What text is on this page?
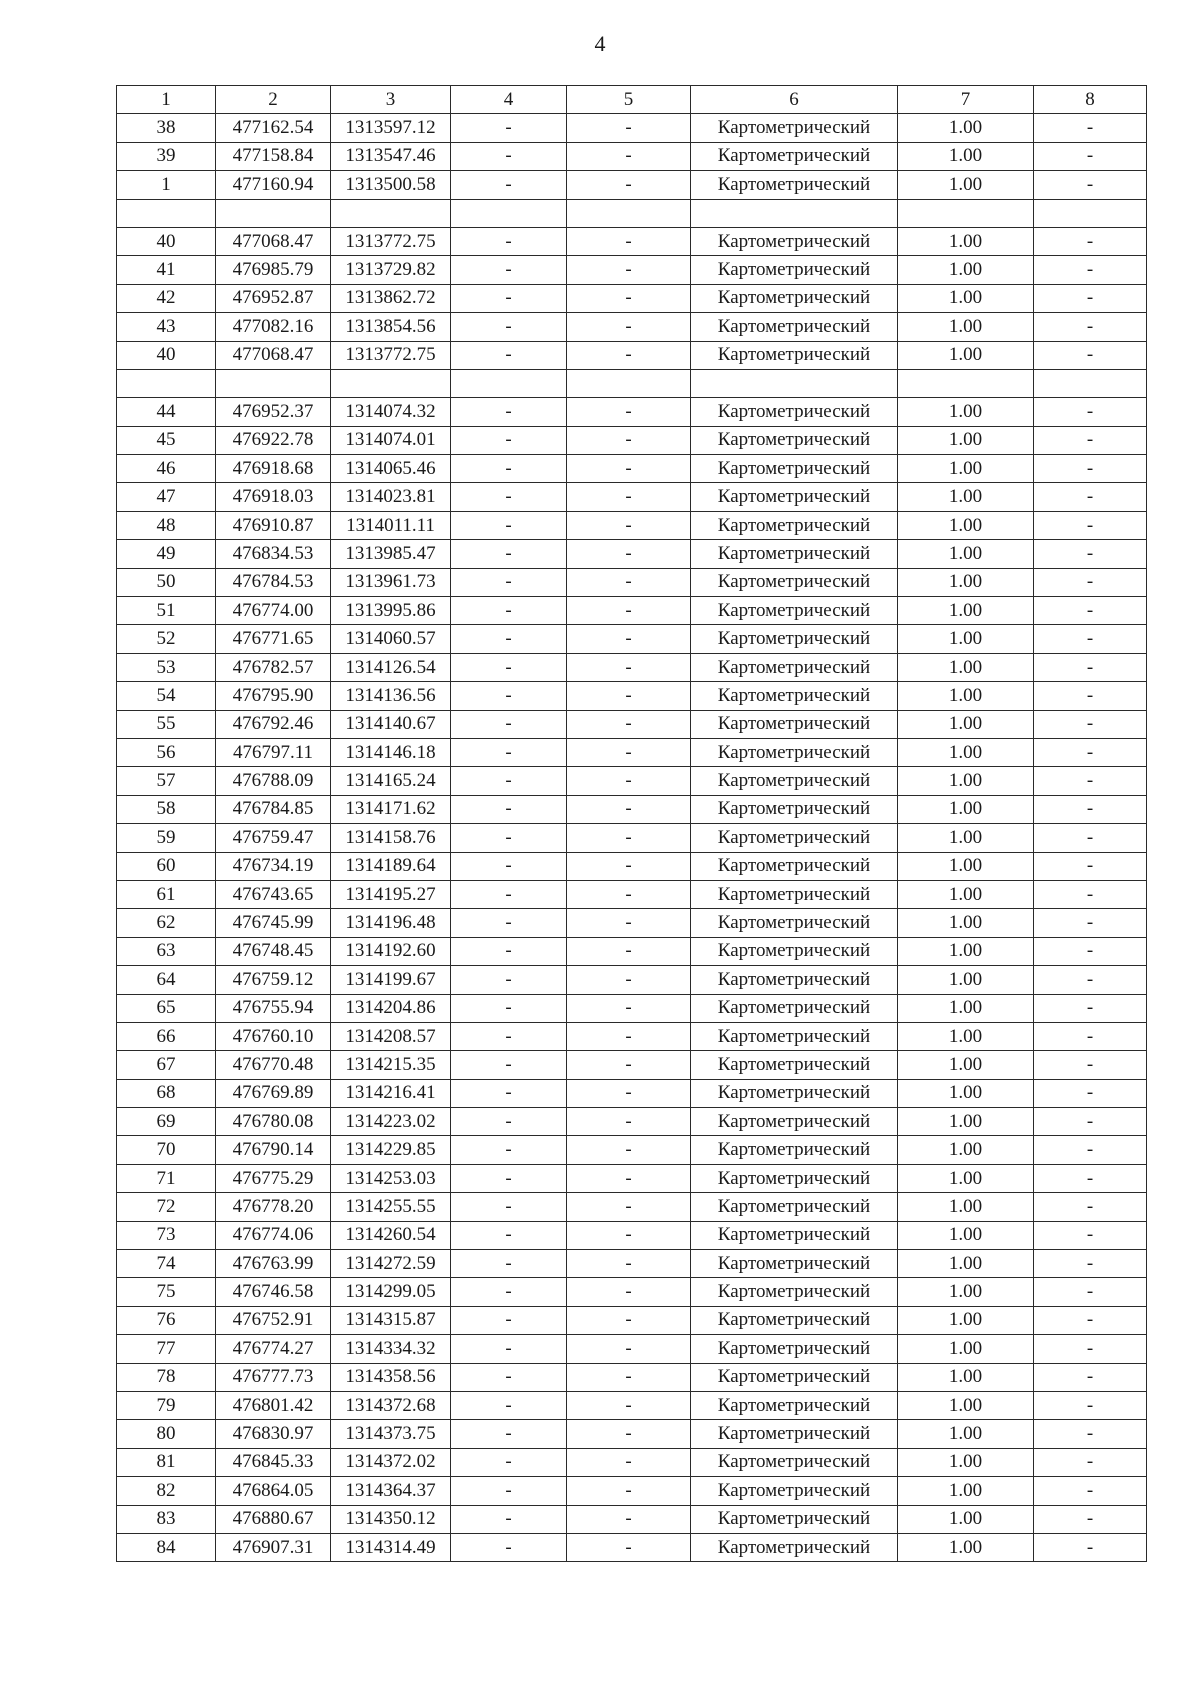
4
1	2	3	4	5	6	7	8
38	477162.54	1313597.12	-	-	Картометрический	1.00	-
39	477158.84	1313547.46	-	-	Картометрический	1.00	-
1	477160.94	1313500.58	-	-	Картометрический	1.00	-

40	477068.47	1313772.75	-	-	Картометрический	1.00	-
41	476985.79	1313729.82	-	-	Картометрический	1.00	-
42	476952.87	1313862.72	-	-	Картометрический	1.00	-
43	477082.16	1313854.56	-	-	Картометрический	1.00	-
40	477068.47	1313772.75	-	-	Картометрический	1.00	-

44	476952.37	1314074.32	-	-	Картометрический	1.00	-
45	476922.78	1314074.01	-	-	Картометрический	1.00	-
46	476918.68	1314065.46	-	-	Картометрический	1.00	-
47	476918.03	1314023.81	-	-	Картометрический	1.00	-
48	476910.87	1314011.11	-	-	Картометрический	1.00	-
49	476834.53	1313985.47	-	-	Картометрический	1.00	-
50	476784.53	1313961.73	-	-	Картометрический	1.00	-
51	476774.00	1313995.86	-	-	Картометрический	1.00	-
52	476771.65	1314060.57	-	-	Картометрический	1.00	-
53	476782.57	1314126.54	-	-	Картометрический	1.00	-
54	476795.90	1314136.56	-	-	Картометрический	1.00	-
55	476792.46	1314140.67	-	-	Картометрический	1.00	-
56	476797.11	1314146.18	-	-	Картометрический	1.00	-
57	476788.09	1314165.24	-	-	Картометрический	1.00	-
58	476784.85	1314171.62	-	-	Картометрический	1.00	-
59	476759.47	1314158.76	-	-	Картометрический	1.00	-
60	476734.19	1314189.64	-	-	Картометрический	1.00	-
61	476743.65	1314195.27	-	-	Картометрический	1.00	-
62	476745.99	1314196.48	-	-	Картометрический	1.00	-
63	476748.45	1314192.60	-	-	Картометрический	1.00	-
64	476759.12	1314199.67	-	-	Картометрический	1.00	-
65	476755.94	1314204.86	-	-	Картометрический	1.00	-
66	476760.10	1314208.57	-	-	Картометрический	1.00	-
67	476770.48	1314215.35	-	-	Картометрический	1.00	-
68	476769.89	1314216.41	-	-	Картометрический	1.00	-
69	476780.08	1314223.02	-	-	Картометрический	1.00	-
70	476790.14	1314229.85	-	-	Картометрический	1.00	-
71	476775.29	1314253.03	-	-	Картометрический	1.00	-
72	476778.20	1314255.55	-	-	Картометрический	1.00	-
73	476774.06	1314260.54	-	-	Картометрический	1.00	-
74	476763.99	1314272.59	-	-	Картометрический	1.00	-
75	476746.58	1314299.05	-	-	Картометрический	1.00	-
76	476752.91	1314315.87	-	-	Картометрический	1.00	-
77	476774.27	1314334.32	-	-	Картометрический	1.00	-
78	476777.73	1314358.56	-	-	Картометрический	1.00	-
79	476801.42	1314372.68	-	-	Картометрический	1.00	-
80	476830.97	1314373.75	-	-	Картометрический	1.00	-
81	476845.33	1314372.02	-	-	Картометрический	1.00	-
82	476864.05	1314364.37	-	-	Картометрический	1.00	-
83	476880.67	1314350.12	-	-	Картометрический	1.00	-
84	476907.31	1314314.49	-	-	Картометрический	1.00	-
